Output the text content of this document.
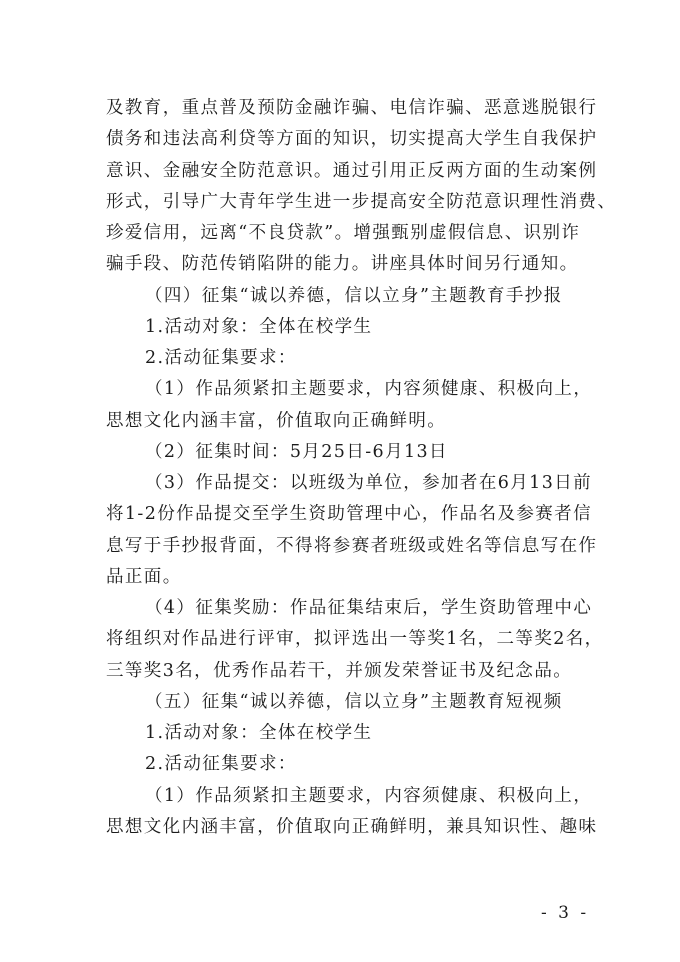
及教育，重点普及预防金融诈骗、电信诈骗、恶意逃脱银行
债务和违法高利贷等方面的知识，切实提高大学生自我保护
意识、金融安全防范意识。通过引用正反两方面的生动案例
形式，引导广大青年学生进一步提高安全防范意识理性消费、
珍爱信用，远离“不良贷款”。增强甄别虚假信息、识别诈
骗手段、防范传销陷阱的能力。讲座具体时间另行通知。
（四）征集“诚以养德，信以立身”主题教育手抄报
1.活动对象：全体在校学生
2.活动征集要求：
（1）作品须紧扣主题要求，内容须健康、积极向上，
思想文化内涵丰富，价值取向正确鲜明。
（2）征集时间：5月25日-6月13日
（3）作品提交：以班级为单位，参加者在6月13日前
将1-2份作品提交至学生资助管理中心，作品名及参赛者信
息写于手抄报背面，不得将参赛者班级或姓名等信息写在作
品正面。
（4）征集奖励：作品征集结束后，学生资助管理中心
将组织对作品进行评审，拟评选出一等奖1名，二等奖2名，
三等奖3名，优秀作品若干，并颁发荣誉证书及纪念品。
（五）征集“诚以养德，信以立身”主题教育短视频
1.活动对象：全体在校学生
2.活动征集要求：
（1）作品须紧扣主题要求，内容须健康、积极向上，
思想文化内涵丰富，价值取向正确鲜明，兼具知识性、趣味
- 3 -
